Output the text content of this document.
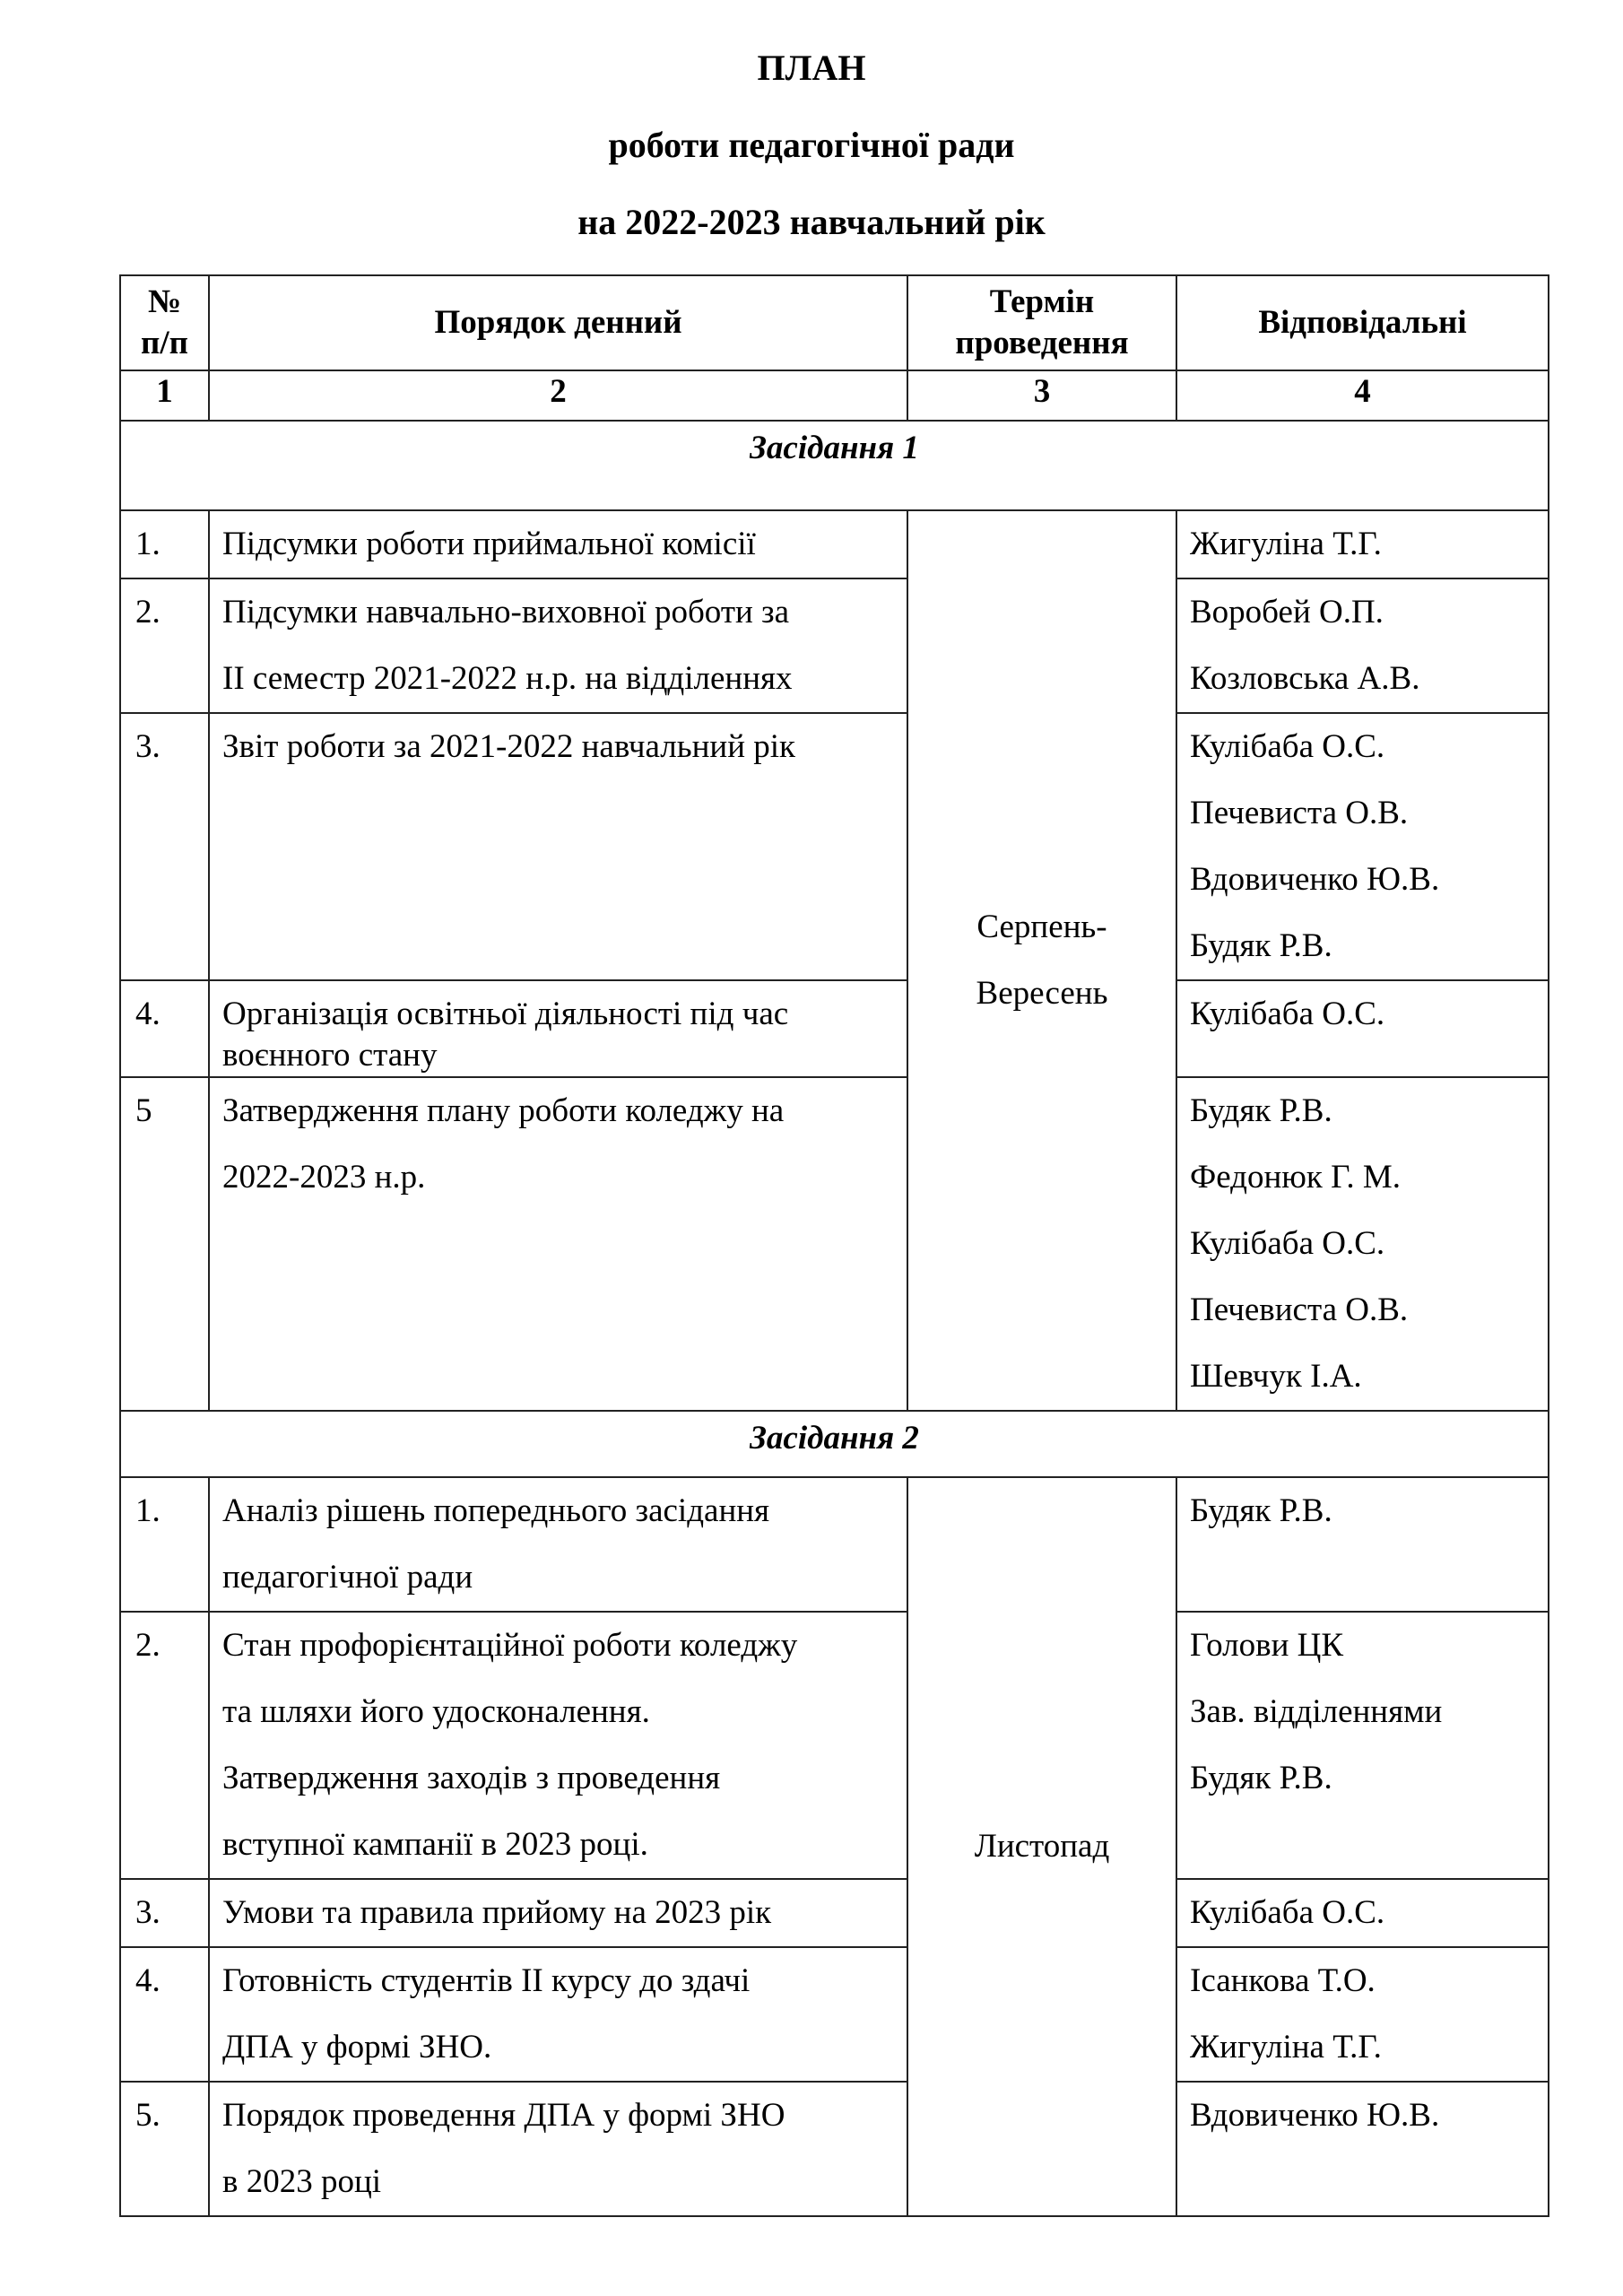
ПЛАН
роботи педагогічної ради
на 2022-2023 навчальний рік
№
п/п	Порядок денний	Термін
проведення	Відповідальні
1	2	3	4
Засідання 1			
1.	Підсумки роботи приймальної комісії	Серпень-
Вересень	Жигуліна Т.Г.

2.	Підсумки навчально-виховної роботи за
ІІ семестр 2021-2022 н.р. на відділеннях		Воробей О.П.
Козловська А.В.

3.	Звіт роботи за 2021-2022 навчальний рік		Кулібаба О.С.
Печевиста О.В.
Вдовиченко Ю.В.
Будяк Р.В.

4.	Організація освітньої діяльності під час
воєнного стану		Кулібаба О.С.

5	Затвердження плану роботи коледжу на
2022-2023 н.р.		Будяк Р.В.
Федонюк Г. М.
Кулібаба О.С.
Печевиста О.В.
Шевчук І.А.

Засідання 2			
1.	Аналіз рішень попереднього засідання
педагогічної ради	Листопад	Будяк Р.В.

2.	Стан профорієнтаційної роботи коледжу
та шляхи його удосконалення.
Затвердження заходів з проведення
вступної кампанії в 2023 році.		Голови ЦК
Зав. відділеннями
Будяк Р.В.

3.	Умови та правила прийому на 2023 рік		Кулібаба О.С.

4.	Готовність студентів ІІ курсу до здачі
ДПА у формі ЗНО.		Ісанкова Т.О.
Жигуліна Т.Г.

5.	Порядок проведення ДПА у формі ЗНО
в 2023 році		Вдовиченко Ю.В.
